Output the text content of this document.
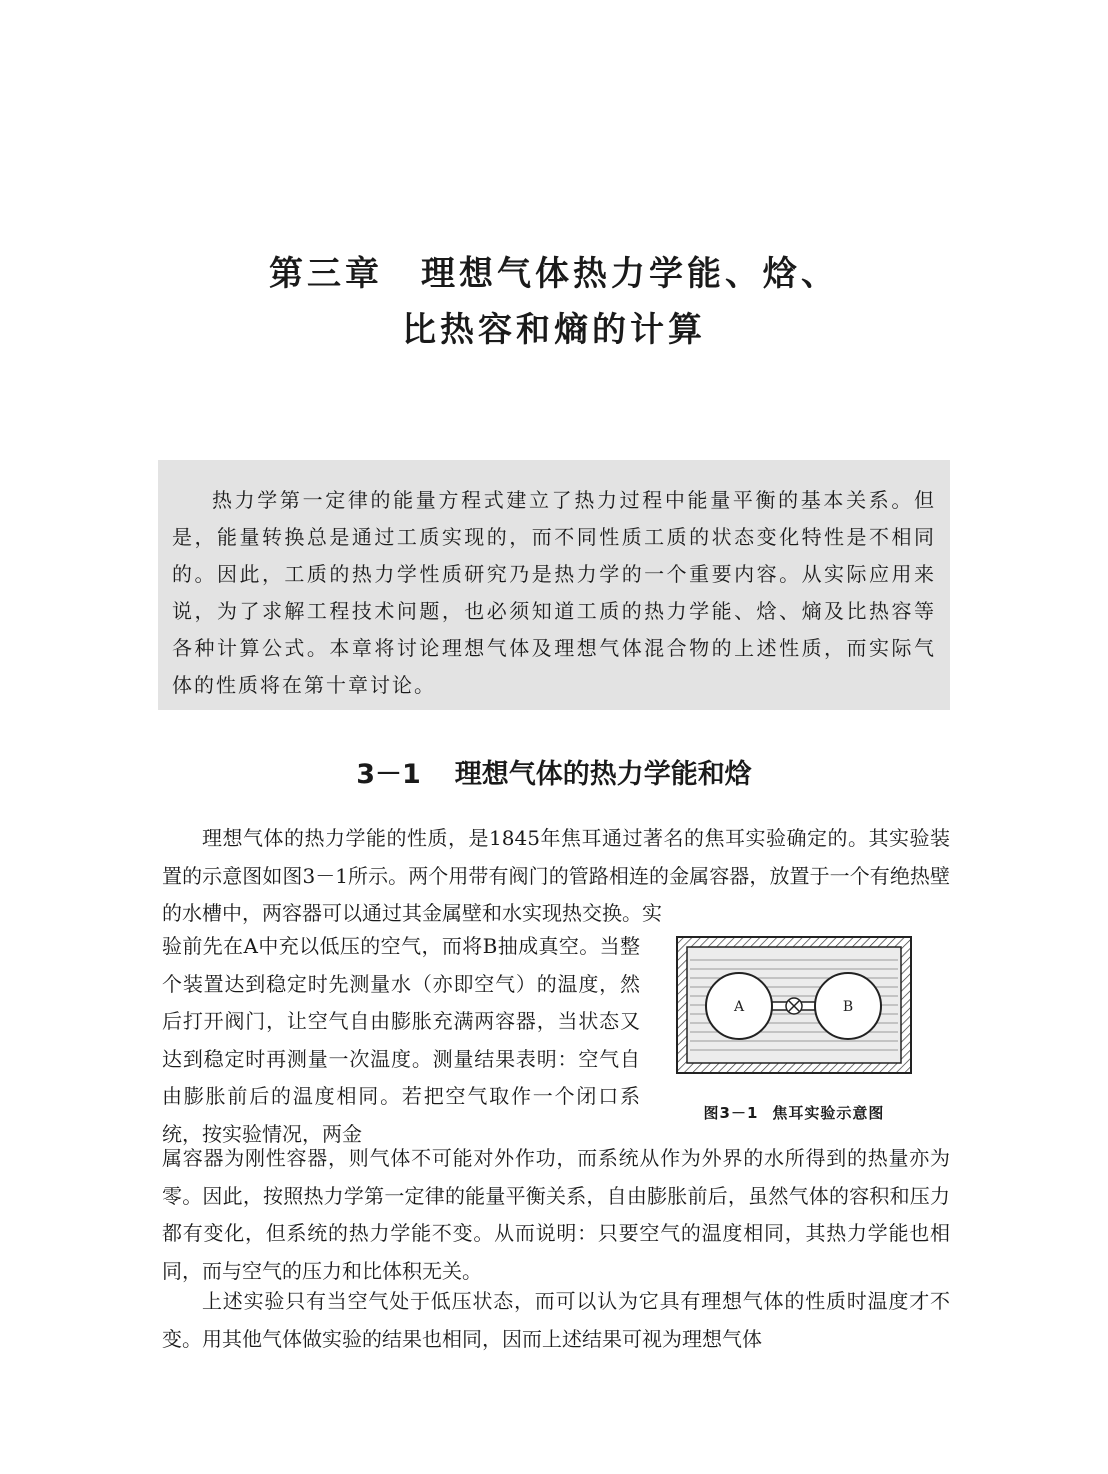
第三章　理想气体热力学能、焓、
比热容和熵的计算

热力学第一定律的能量方程式建立了热力过程中能量平衡的基本关系。但是，能量转换总是通过工质实现的，而不同性质工质的状态变化特性是不相同的。因此，工质的热力学性质研究乃是热力学的一个重要内容。从实际应用来说，为了求解工程技术问题，也必须知道工质的热力学能、焓、熵及比热容等各种计算公式。本章将讨论理想气体及理想气体混合物的上述性质，而实际气体的性质将在第十章讨论。

3－1 理想气体的热力学能和焓

理想气体的热力学能的性质，是1845年焦耳通过著名的焦耳实验确定的。其实验装置的示意图如图3－1所示。两个用带有阀门的管路相连的金属容器，放置于一个有绝热壁的水槽中，两容器可以通过其金属壁和水实现热交换。实

验前先在A中充以低压的空气，而将B抽成真空。当整个装置达到稳定时先测量水（亦即空气）的温度，然后打开阀门，让空气自由膨胀充满两容器，当状态又达到稳定时再测量一次温度。测量结果表明：空气自由膨胀前后的温度相同。若把空气取作一个闭口系统，按实验情况，两金

A	B
图3－1 焦耳实验示意图

属容器为刚性容器，则气体不可能对外作功，而系统从作为外界的水所得到的热量亦为零。因此，按照热力学第一定律的能量平衡关系，自由膨胀前后，虽然气体的容积和压力都有变化，但系统的热力学能不变。从而说明：只要空气的温度相同，其热力学能也相同，而与空气的压力和比体积无关。

上述实验只有当空气处于低压状态，而可以认为它具有理想气体的性质时温度才不变。用其他气体做实验的结果也相同，因而上述结果可视为理想气体
